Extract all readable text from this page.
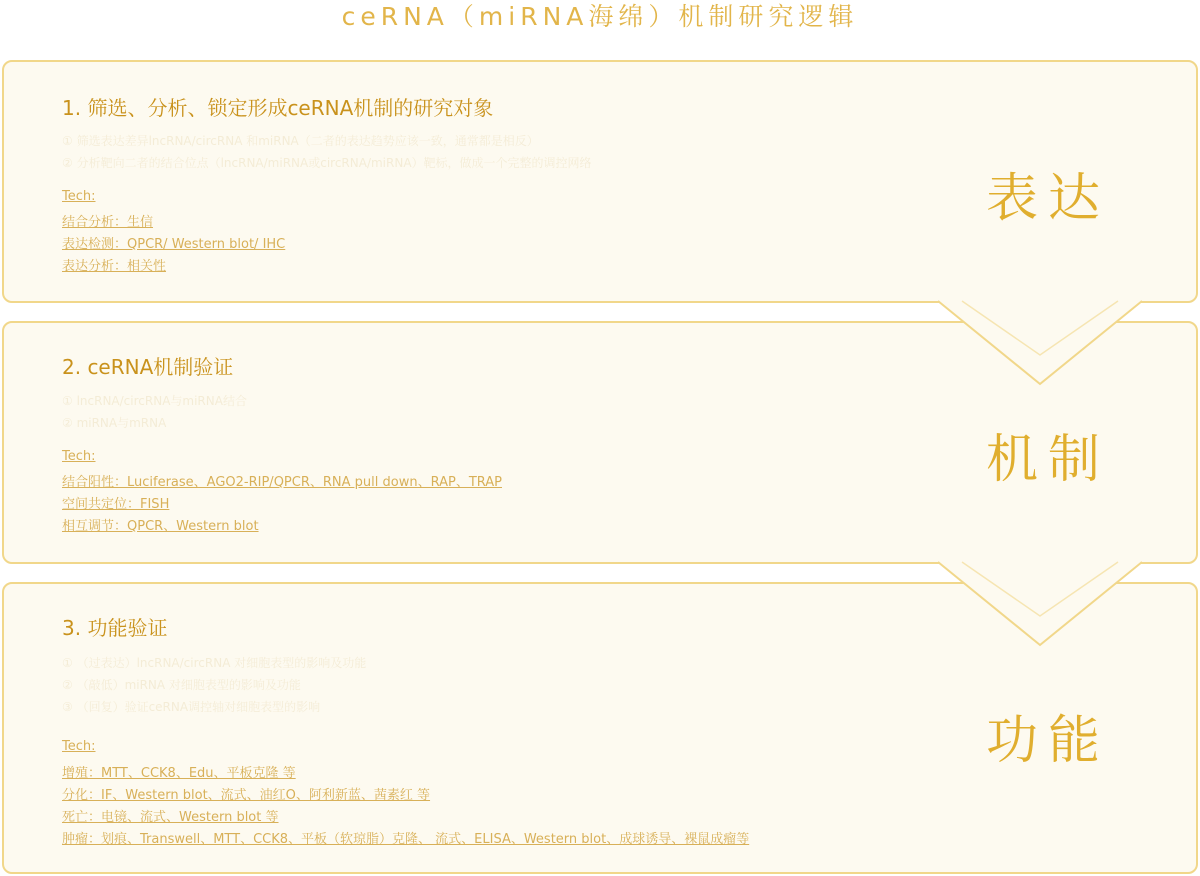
ceRNA（miRNA海绵）机制研究逻辑
1. 筛选、分析、锁定形成ceRNA机制的研究对象
① 筛选表达差异lncRNA/circRNA 和miRNA（二者的表达趋势应该一致，通常都是相反）
② 分析靶向二者的结合位点（lncRNA/miRNA或circRNA/miRNA）靶标，做成一个完整的调控网络
Tech:
结合分析：生信
表达检测：QPCR/ Western blot/ IHC
表达分析：相关性
表达
2. ceRNA机制验证
① lncRNA/circRNA与miRNA结合
② miRNA与mRNA
Tech:
结合阳性：Luciferase、AGO2-RIP/QPCR、RNA pull down、RAP、TRAP
空间共定位：FISH
相互调节：QPCR、Western blot
机制
3. 功能验证
① （过表达）lncRNA/circRNA 对细胞表型的影响及功能
② （敲低）miRNA 对细胞表型的影响及功能
③ （回复）验证ceRNA调控轴对细胞表型的影响
Tech:
增殖：MTT、CCK8、Edu、平板克隆 等
分化：IF、Western blot、流式、油红O、阿利新蓝、茜素红 等
死亡：电镜、流式、Western blot 等
肿瘤：划痕、Transwell、MTT、CCK8、平板（软琼脂）克隆、 流式、ELISA、Western blot、成球诱导、裸鼠成瘤等
功能
